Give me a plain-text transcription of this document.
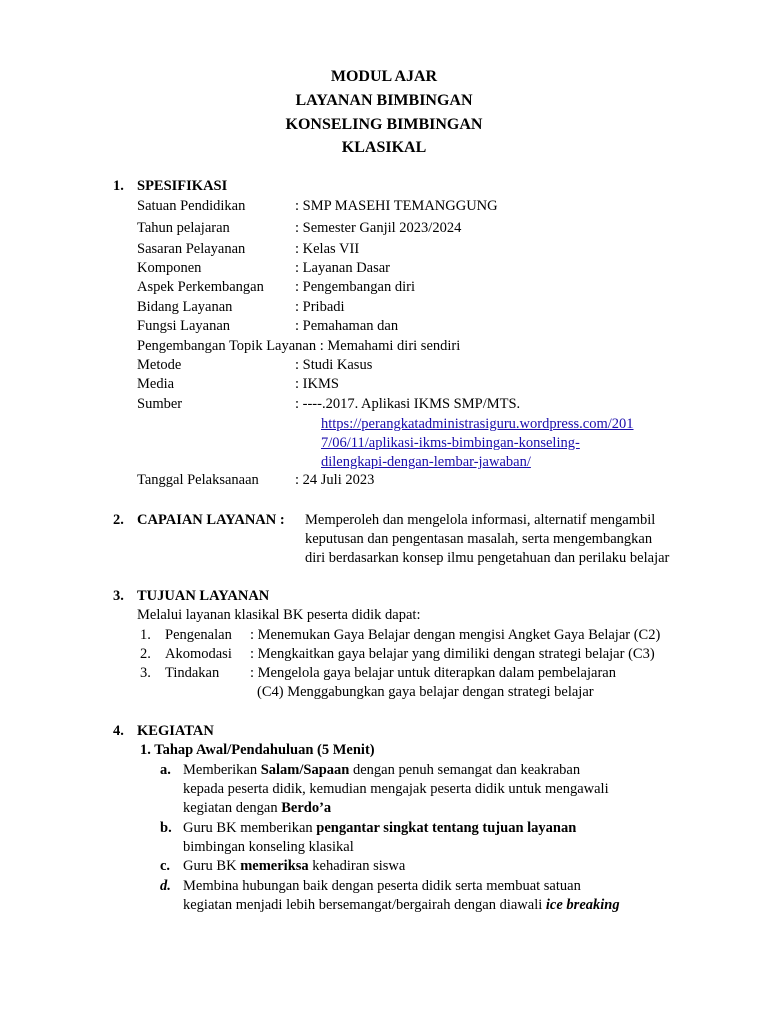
MODUL AJAR
LAYANAN BIMBINGAN
KONSELING BIMBINGAN
KLASIKAL
1. SPESIFIKASI
Satuan Pendidikan	: SMP MASEHI TEMANGGUNG
Tahun pelajaran	: Semester Ganjil 2023/2024
Sasaran Pelayanan	: Kelas VII
Komponen	: Layanan Dasar
Aspek Perkembangan : Pengembangan diri
Bidang Layanan	: Pribadi
Fungsi Layanan	: Pemahaman dan
Pengembangan Topik Layanan : Memahami diri sendiri
Metode	: Studi Kasus
Media	: IKMS
Sumber	: ----.2017. Aplikasi IKMS SMP/MTS.
https://perangkatadministrasiguru.wordpress.com/201
7/06/11/aplikasi-ikms-bimbingan-konseling-
dilengkapi-dengan-lembar-jawaban/
Tanggal Pelaksanaan : 24 Juli 2023
2. CAPAIAN LAYANAN : Memperoleh dan mengelola informasi, alternatif mengambil
keputusan dan pengentasan masalah, serta mengembangkan
diri berdasarkan konsep ilmu pengetahuan dan perilaku belajar
3. TUJUAN LAYANAN
Melalui layanan klasikal BK peserta didik dapat:
1. Pengenalan : Menemukan Gaya Belajar dengan mengisi Angket Gaya Belajar (C2)
2. Akomodasi : Mengkaitkan gaya belajar yang dimiliki dengan strategi belajar (C3)
3. Tindakan : Mengelola gaya belajar untuk diterapkan dalam pembelajaran
(C4) Menggabungkan gaya belajar dengan strategi belajar
4. KEGIATAN
1. Tahap Awal/Pendahuluan (5 Menit)
a. Memberikan Salam/Sapaan dengan penuh semangat dan keakraban
kepada peserta didik, kemudian mengajak peserta didik untuk mengawali
kegiatan dengan Berdo’a
b. Guru BK memberikan pengantar singkat tentang tujuan layanan
bimbingan konseling klasikal
c. Guru BK memeriksa kehadiran siswa
d. Membina hubungan baik dengan peserta didik serta membuat satuan
kegiatan menjadi lebih bersemangat/bergairah dengan diawali ice breaking
